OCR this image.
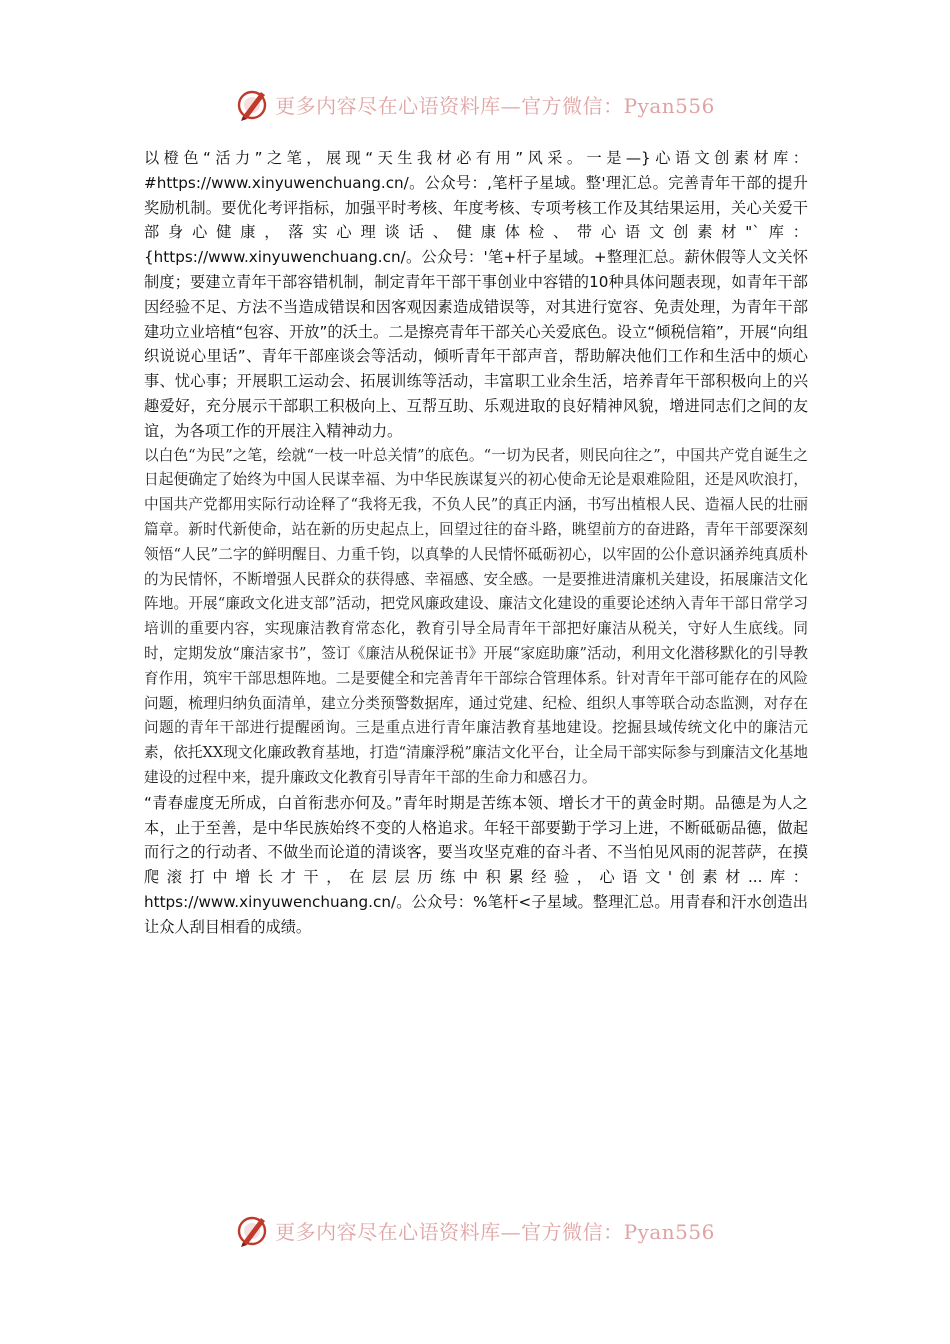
更多内容尽在心语资料库—官方微信：Pyan556

以橙色“活力”之笔，展现“天生我材必有用”风采。一是—}心语文创素材库：#https://www.xinyuwenchuang.cn/。公众号：,笔杆子星域。整'理汇总。完善青年干部的提升奖励机制。要优化考评指标，加强平时考核、年度考核、专项考核工作及其结果运用，关心关爱干部身心健康，落实心理谈话、健康体检、带心语文创素材"`库：{https://www.xinyuwenchuang.cn/。公众号：'笔+杆子星域。+整理汇总。薪休假等人文关怀制度；要建立青年干部容错机制，制定青年干部干事创业中容错的10种具体问题表现，如青年干部因经验不足、方法不当造成错误和因客观因素造成错误等，对其进行宽容、免责处理，为青年干部建功立业培植“包容、开放”的沃土。二是擦亮青年干部关心关爱底色。设立“倾税信箱”，开展“向组织说说心里话”、青年干部座谈会等活动，倾听青年干部声音，帮助解决他们工作和生活中的烦心事、忧心事；开展职工运动会、拓展训练等活动，丰富职工业余生活，培养青年干部积极向上的兴趣爱好，充分展示干部职工积极向上、互帮互助、乐观进取的良好精神风貌，增进同志们之间的友谊，为各项工作的开展注入精神动力。

以白色“为民”之笔，绘就“一枝一叶总关情”的底色。“一切为民者，则民向往之”，中国共产党自诞生之日起便确定了始终为中国人民谋幸福、为中华民族谋复兴的初心使命无论是艰难险阻，还是风吹浪打，中国共产党都用实际行动诠释了“我将无我，不负人民”的真正内涵，书写出植根人民、造福人民的壮丽篇章。新时代新使命，站在新的历史起点上，回望过往的奋斗路，眺望前方的奋进路，青年干部要深刻领悟“人民”二字的鲜明醒目、力重千钧，以真挚的人民情怀砥砺初心，以牢固的公仆意识涵养纯真质朴的为民情怀，不断增强人民群众的获得感、幸福感、安全感。一是要推进清廉机关建设，拓展廉洁文化阵地。开展“廉政文化进支部”活动，把党风廉政建设、廉洁文化建设的重要论述纳入青年干部日常学习培训的重要内容，实现廉洁教育常态化，教育引导全局青年干部把好廉洁从税关，守好人生底线。同时，定期发放“廉洁家书”，签订《廉洁从税保证书》开展“家庭助廉”活动，利用文化潜移默化的引导教育作用，筑牢干部思想阵地。二是要健全和完善青年干部综合管理体系。针对青年干部可能存在的风险问题，梳理归纳负面清单，建立分类预警数据库，通过党建、纪检、组织人事等联合动态监测，对存在问题的青年干部进行提醒函询。三是重点进行青年廉洁教育基地建设。挖掘县域传统文化中的廉洁元素，依托XX现文化廉政教育基地，打造“清廉浮税”廉洁文化平台，让全局干部实际参与到廉洁文化基地建设的过程中来，提升廉政文化教育引导青年干部的生命力和感召力。

“青春虚度无所成，白首衔悲亦何及。”青年时期是苦练本领、增长才干的黄金时期。品德是为人之本，止于至善，是中华民族始终不变的人格追求。年轻干部要勤于学习上进，不断砥砺品德，做起而行之的行动者、不做坐而论道的清谈客，要当攻坚克难的奋斗者、不当怕见风雨的泥菩萨，在摸爬滚打中增长才干，在层层历练中积累经验，心语文'创素材...库：https://www.xinyuwenchuang.cn/。公众号：%笔杆<子星域。整理汇总。用青春和汗水创造出让众人刮目相看的成绩。

更多内容尽在心语资料库—官方微信：Pyan556
